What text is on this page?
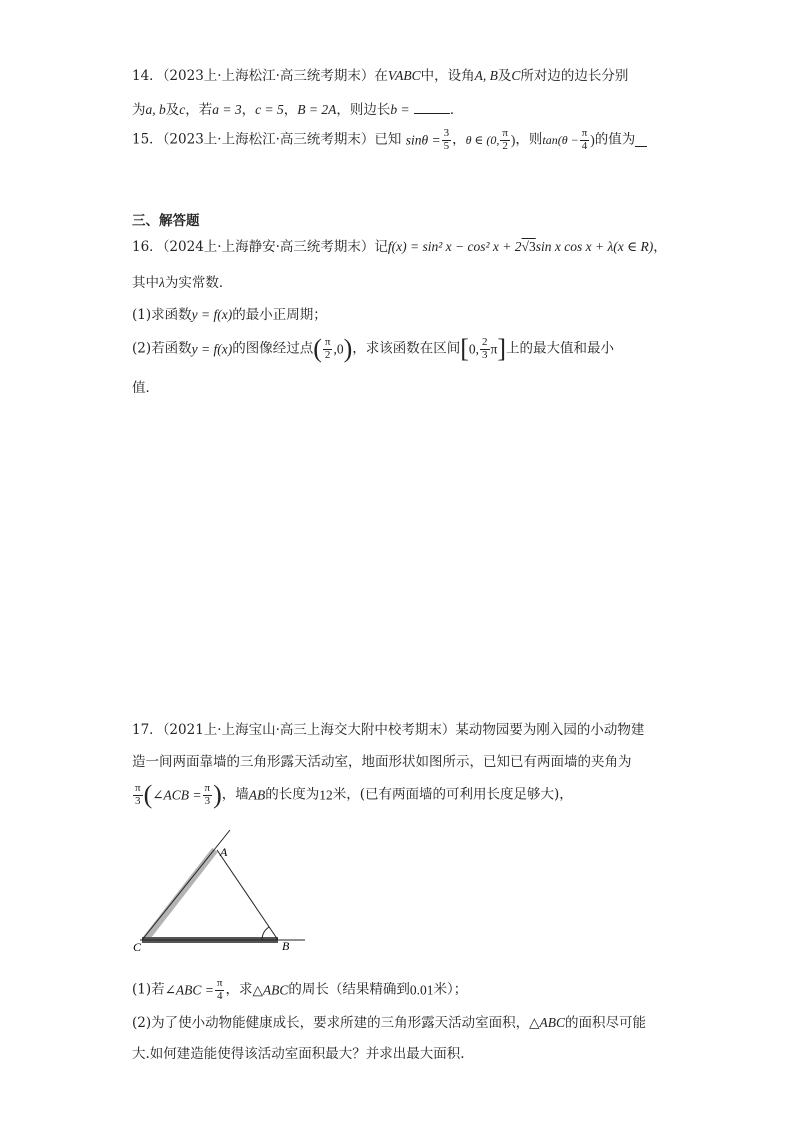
14．（2023上·上海松江·高三统考期末）在VABC中，设角A, B及C所对边的边长分别
为a, b及c，若a = 3，c = 5，B = 2A，则边长b =	．
15．（2023上·上海松江·高三统考期末）已知 $\sin\theta = \frac{3}{5}$ ，θ ∈ (0, $\frac{\pi}{2}$ )，则$\tan(\theta - \frac{\pi}{4}$ )的值为
三、解答题
16．（2024上·上海静安·高三统考期末）记f(x) = sin² x − cos² x + 2√3sin x cos x + λ(x ∈ R)，
其中λ为实常数．
(1)求函数y = f(x)的最小正周期；
(2)若函数y = f(x)的图像经过点( $\frac{\pi}{2} ,0$)，求该函数在区间[0, $\frac{2}{3} \pi$]上的最大值和最小
值．
17．（2021上·上海宝山·高三上海交大附中校考期末）某动物园要为刚入园的小动物建
造一间两面靠墙的三角形露天活动室，地面形状如图所示，已知已有两面墙的夹角为
$\frac{\pi}{3}$ (∠ACB = $\frac{\pi}{3}$ )，墙AB的长度为12米，(已有两面墙的可利用长度足够大)，
A
B
C
(1)若∠ABC = $\frac{\pi}{4}$ ，求△ABC的周长（结果精确到0.01米）；
(2)为了使小动物能健康成长，要求所建的三角形露天活动室面积，△ABC的面积尽可能
大.如何建造能使得该活动室面积最大？并求出最大面积.
